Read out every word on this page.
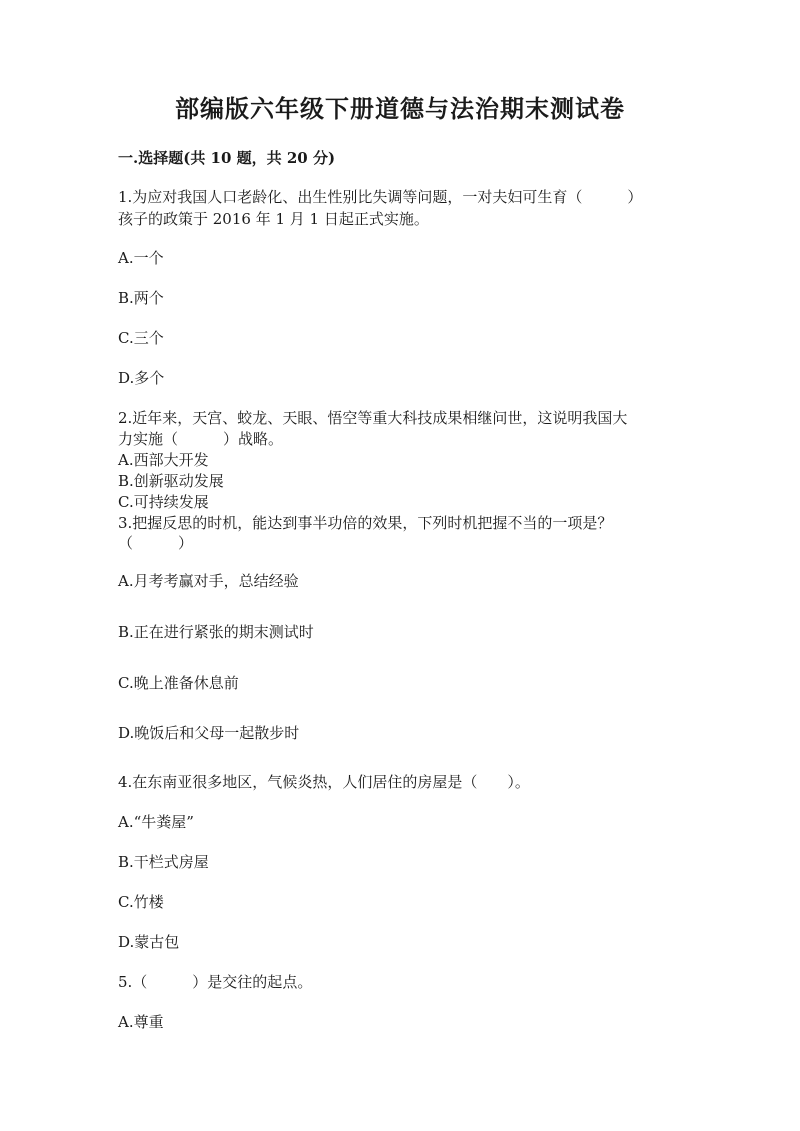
部编版六年级下册道德与法治期末测试卷
一.选择题(共 10 题，共 20 分)
1.为应对我国人口老龄化、出生性别比失调等问题，一对夫妇可生育（　　　）
孩子的政策于 2016 年 1 月 1 日起正式实施。
A.一个
B.两个
C.三个
D.多个
2.近年来，天宫、蛟龙、天眼、悟空等重大科技成果相继问世，这说明我国大
力实施（　　　）战略。
A.西部大开发
B.创新驱动发展
C.可持续发展
3.把握反思的时机，能达到事半功倍的效果，下列时机把握不当的一项是？
（　　　）
A.月考考赢对手，总结经验
B.正在进行紧张的期末测试时
C.晚上准备休息前
D.晚饭后和父母一起散步时
4.在东南亚很多地区，气候炎热，人们居住的房屋是（　　）。
A.“牛粪屋”
B.干栏式房屋
C.竹楼
D.蒙古包
5.（　　　）是交往的起点。
A.尊重
